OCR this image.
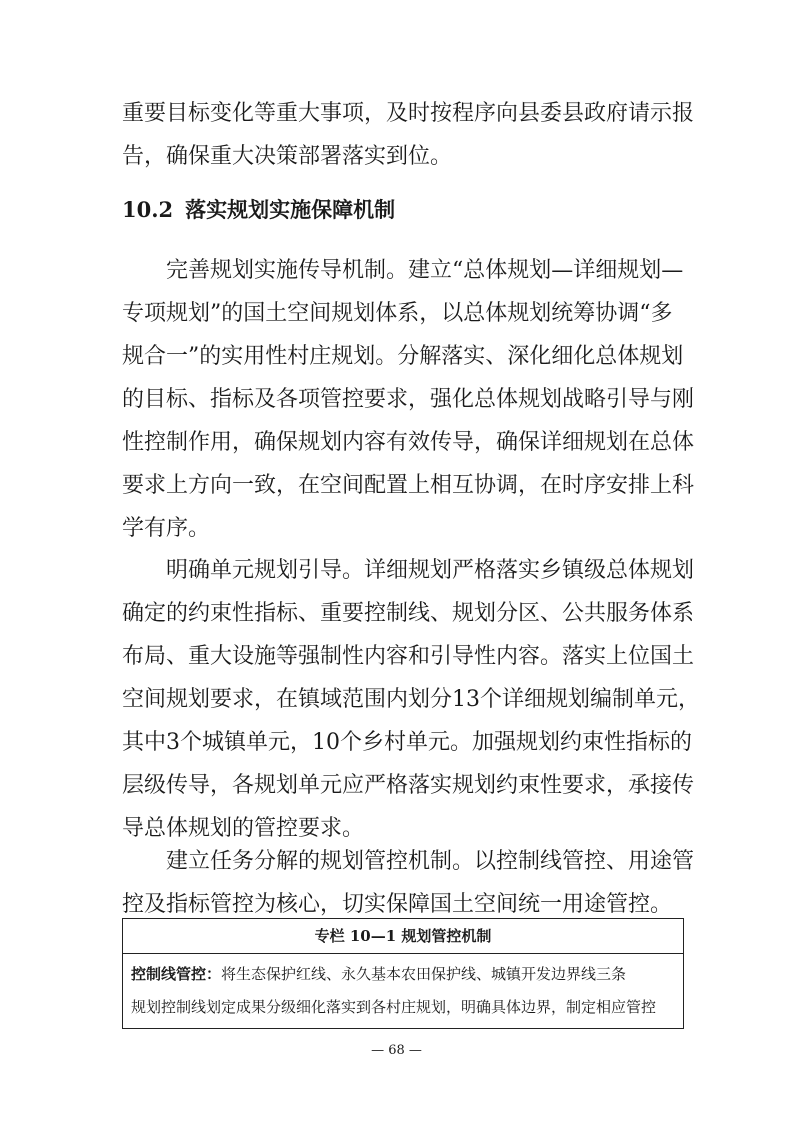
重要目标变化等重大事项，及时按程序向县委县政府请示报
告，确保重大决策部署落实到位。

10.2 落实规划实施保障机制

　　完善规划实施传导机制。建立“总体规划—详细规划—
专项规划”的国土空间规划体系，以总体规划统筹协调“多
规合一”的实用性村庄规划。分解落实、深化细化总体规划
的目标、指标及各项管控要求，强化总体规划战略引导与刚
性控制作用，确保规划内容有效传导，确保详细规划在总体
要求上方向一致，在空间配置上相互协调，在时序安排上科
学有序。

　　明确单元规划引导。详细规划严格落实乡镇级总体规划
确定的约束性指标、重要控制线、规划分区、公共服务体系
布局、重大设施等强制性内容和引导性内容。落实上位国土
空间规划要求，在镇域范围内划分13个详细规划编制单元，
其中3个城镇单元，10个乡村单元。加强规划约束性指标的
层级传导，各规划单元应严格落实规划约束性要求，承接传
导总体规划的管控要求。

　　建立任务分解的规划管控机制。以控制线管控、用途管
控及指标管控为核心，切实保障国土空间统一用途管控。

专栏 10—1 规划管控机制
控制线管控：将生态保护红线、永久基本农田保护线、城镇开发边界线三条
规划控制线划定成果分级细化落实到各村庄规划，明确具体边界，制定相应管控
— 68 —
